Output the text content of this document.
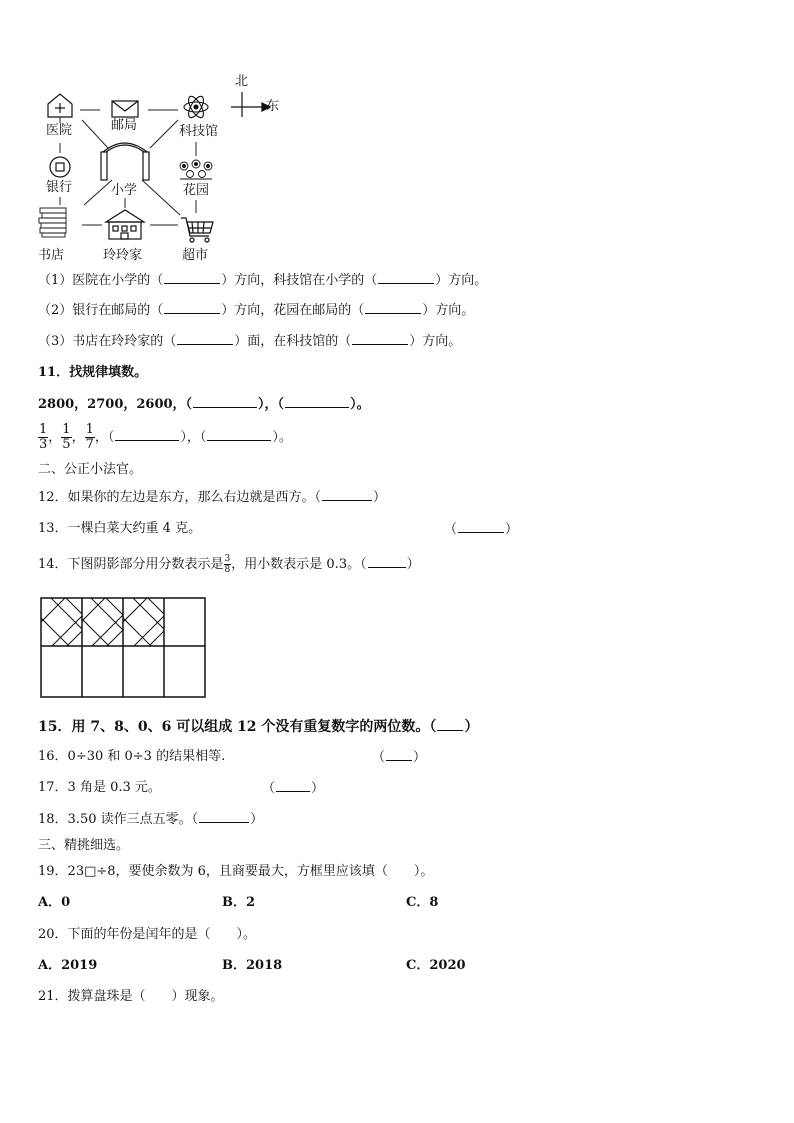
北
东
医院	邮局	科技馆
银行	小学	花园
书店	玲玲家	超市
（1）医院在小学的（	）方向，科技馆在小学的（	）方向。
（2）银行在邮局的（	）方向，花园在邮局的（	）方向。
（3）书店在玲玲家的（	）面，在科技馆的（	）方向。
11．找规律填数。
2800，2700，2600，（	），（	）。
$\frac{1}{3}$ ， $\frac{1}{5}$ ， $\frac{1}{7}$ ，（	），（	）。
二、公正小法官。
12．如果你的左边是东方，那么右边就是西方。（	）
13．一棵白菜大约重 4 克。	（	）
14．下图阴影部分用分数表示是 $\frac{3}{8}$ ，用小数表示是 0.3。（	）
15．用 7、8、0、6 可以组成 12 个没有重复数字的两位数。（ ）
16．0÷30 和 0÷3 的结果相等.	（ ）
17．3 角是 0.3 元。	（	）
18．3.50 读作三点五零。（	）
三、精挑细选。
19．23□÷8，要使余数为 6，且商要最大，方框里应该填（　　）。
A．0	B．2	C．8
20．下面的年份是闰年的是（　　）。
A．2019	B．2018	C．2020
21．拨算盘珠是（　　）现象。
